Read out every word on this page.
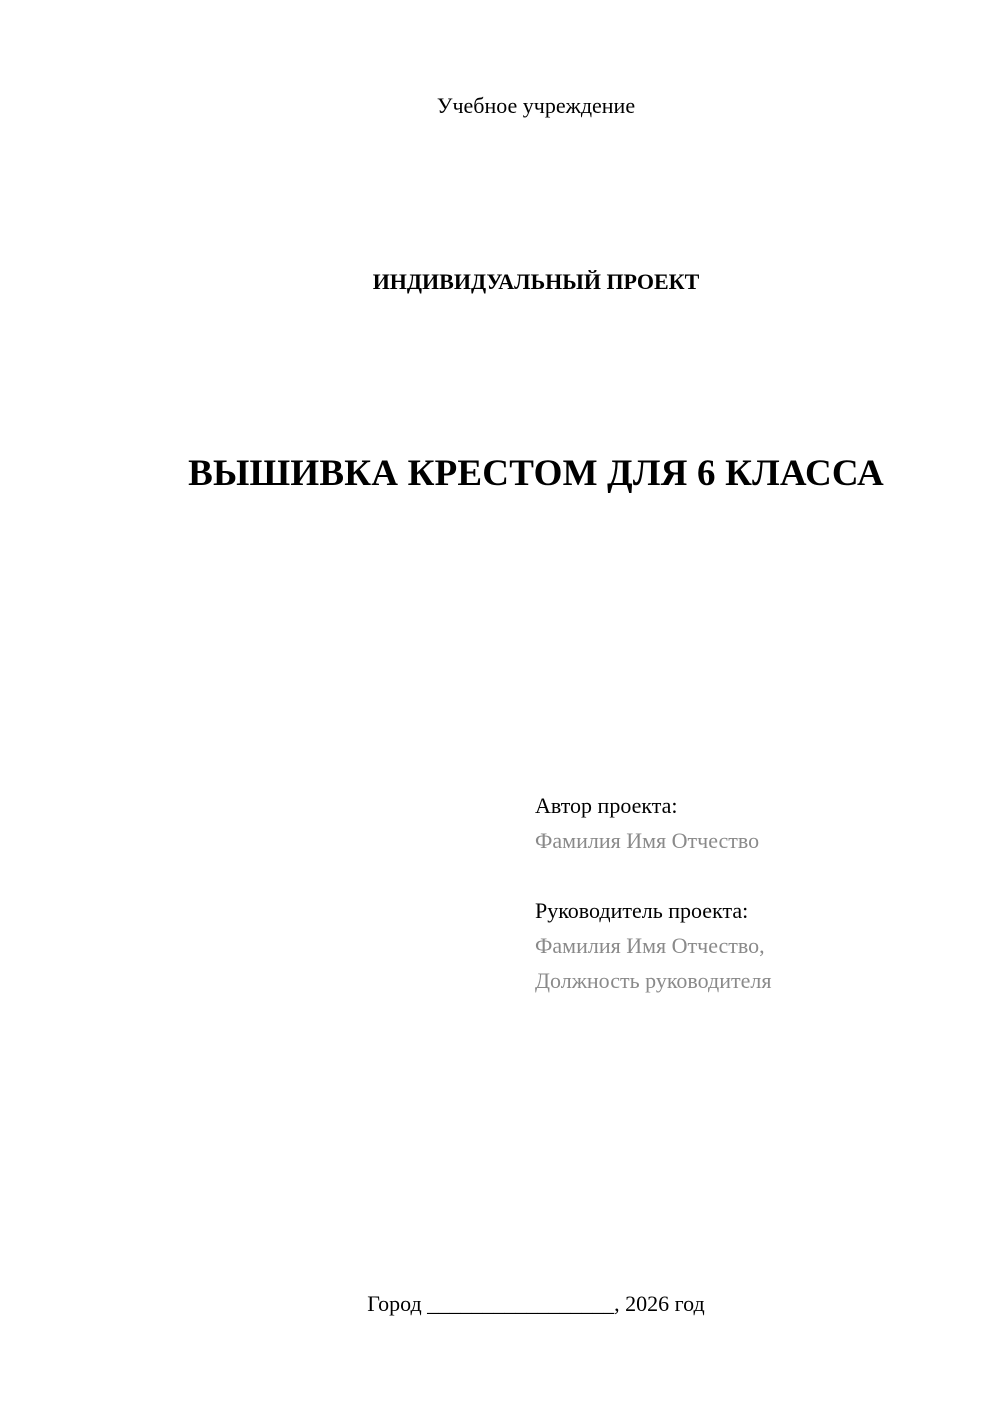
Учебное учреждение
ИНДИВИДУАЛЬНЫЙ ПРОЕКТ
ВЫШИВКА КРЕСТОМ ДЛЯ 6 КЛАССА
Автор проекта:
Фамилия Имя Отчество
Руководитель проекта:
Фамилия Имя Отчество,
Должность руководителя
Город _________________, 2026 год
